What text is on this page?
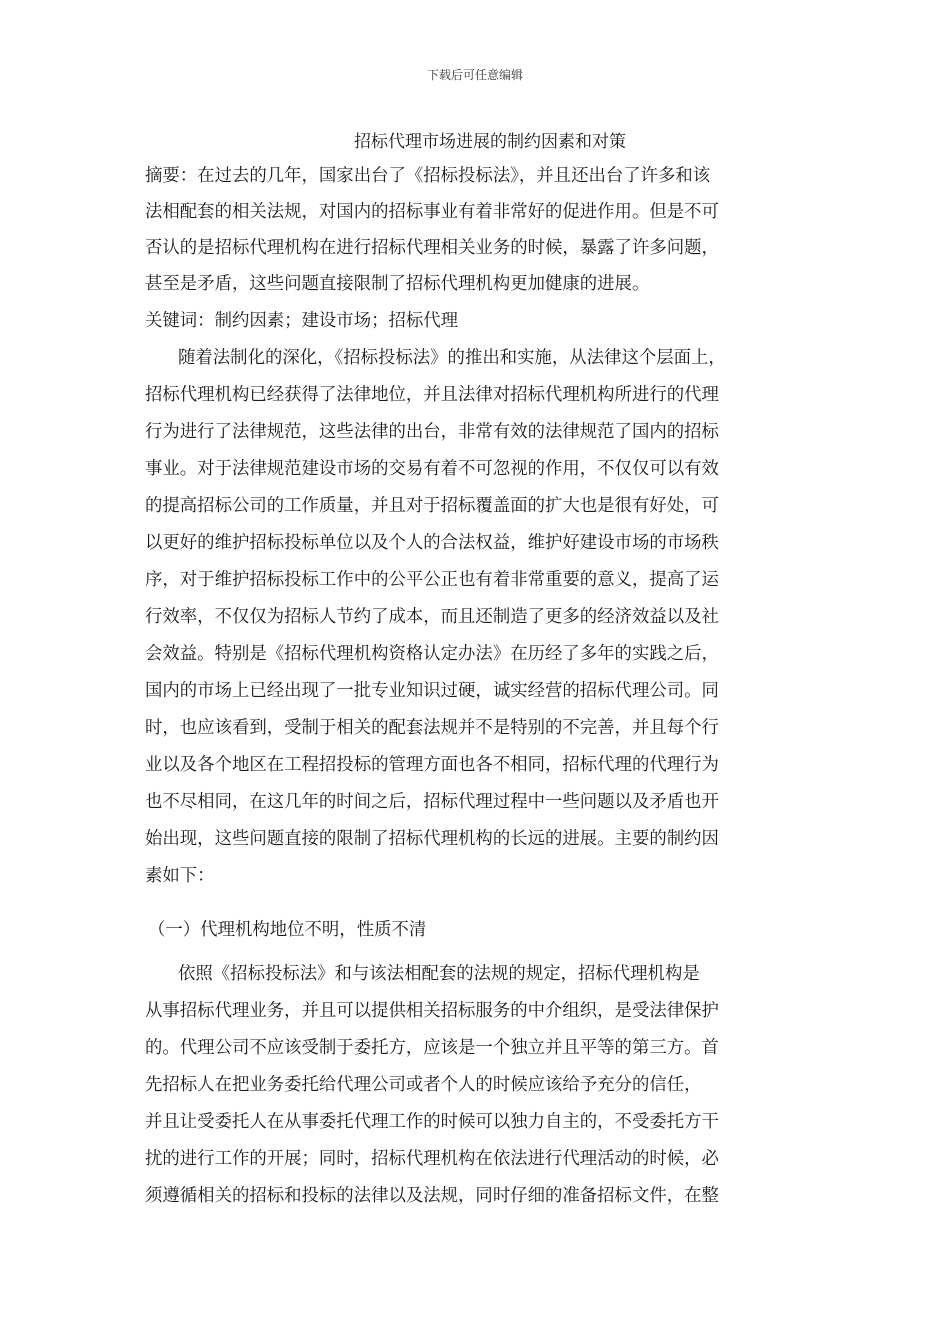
下载后可任意编辑
招标代理市场进展的制约因素和对策
摘要：在过去的几年，国家出台了《招标投标法》，并且还出台了许多和该
法相配套的相关法规，对国内的招标事业有着非常好的促进作用。但是不可
否认的是招标代理机构在进行招标代理相关业务的时候，暴露了许多问题，
甚至是矛盾，这些问题直接限制了招标代理机构更加健康的进展。
关键词：制约因素；建设市场；招标代理
随着法制化的深化，《招标投标法》的推出和实施，从法律这个层面上，
招标代理机构已经获得了法律地位，并且法律对招标代理机构所进行的代理
行为进行了法律规范，这些法律的出台，非常有效的法律规范了国内的招标
事业。对于法律规范建设市场的交易有着不可忽视的作用，不仅仅可以有效
的提高招标公司的工作质量，并且对于招标覆盖面的扩大也是很有好处，可
以更好的维护招标投标单位以及个人的合法权益，维护好建设市场的市场秩
序，对于维护招标投标工作中的公平公正也有着非常重要的意义，提高了运
行效率，不仅仅为招标人节约了成本，而且还制造了更多的经济效益以及社
会效益。特别是《招标代理机构资格认定办法》在历经了多年的实践之后，
国内的市场上已经出现了一批专业知识过硬，诚实经营的招标代理公司。同
时，也应该看到，受制于相关的配套法规并不是特别的不完善，并且每个行
业以及各个地区在工程招投标的管理方面也各不相同，招标代理的代理行为
也不尽相同，在这几年的时间之后，招标代理过程中一些问题以及矛盾也开
始出现，这些问题直接的限制了招标代理机构的长远的进展。主要的制约因
素如下：
（一）代理机构地位不明，性质不清
依照《招标投标法》和与该法相配套的法规的规定，招标代理机构是
从事招标代理业务，并且可以提供相关招标服务的中介组织，是受法律保护
的。代理公司不应该受制于委托方，应该是一个独立并且平等的第三方。首
先招标人在把业务委托给代理公司或者个人的时候应该给予充分的信任，
并且让受委托人在从事委托代理工作的时候可以独力自主的，不受委托方干
扰的进行工作的开展；同时，招标代理机构在依法进行代理活动的时候，必
须遵循相关的招标和投标的法律以及法规，同时仔细的准备招标文件，在整
